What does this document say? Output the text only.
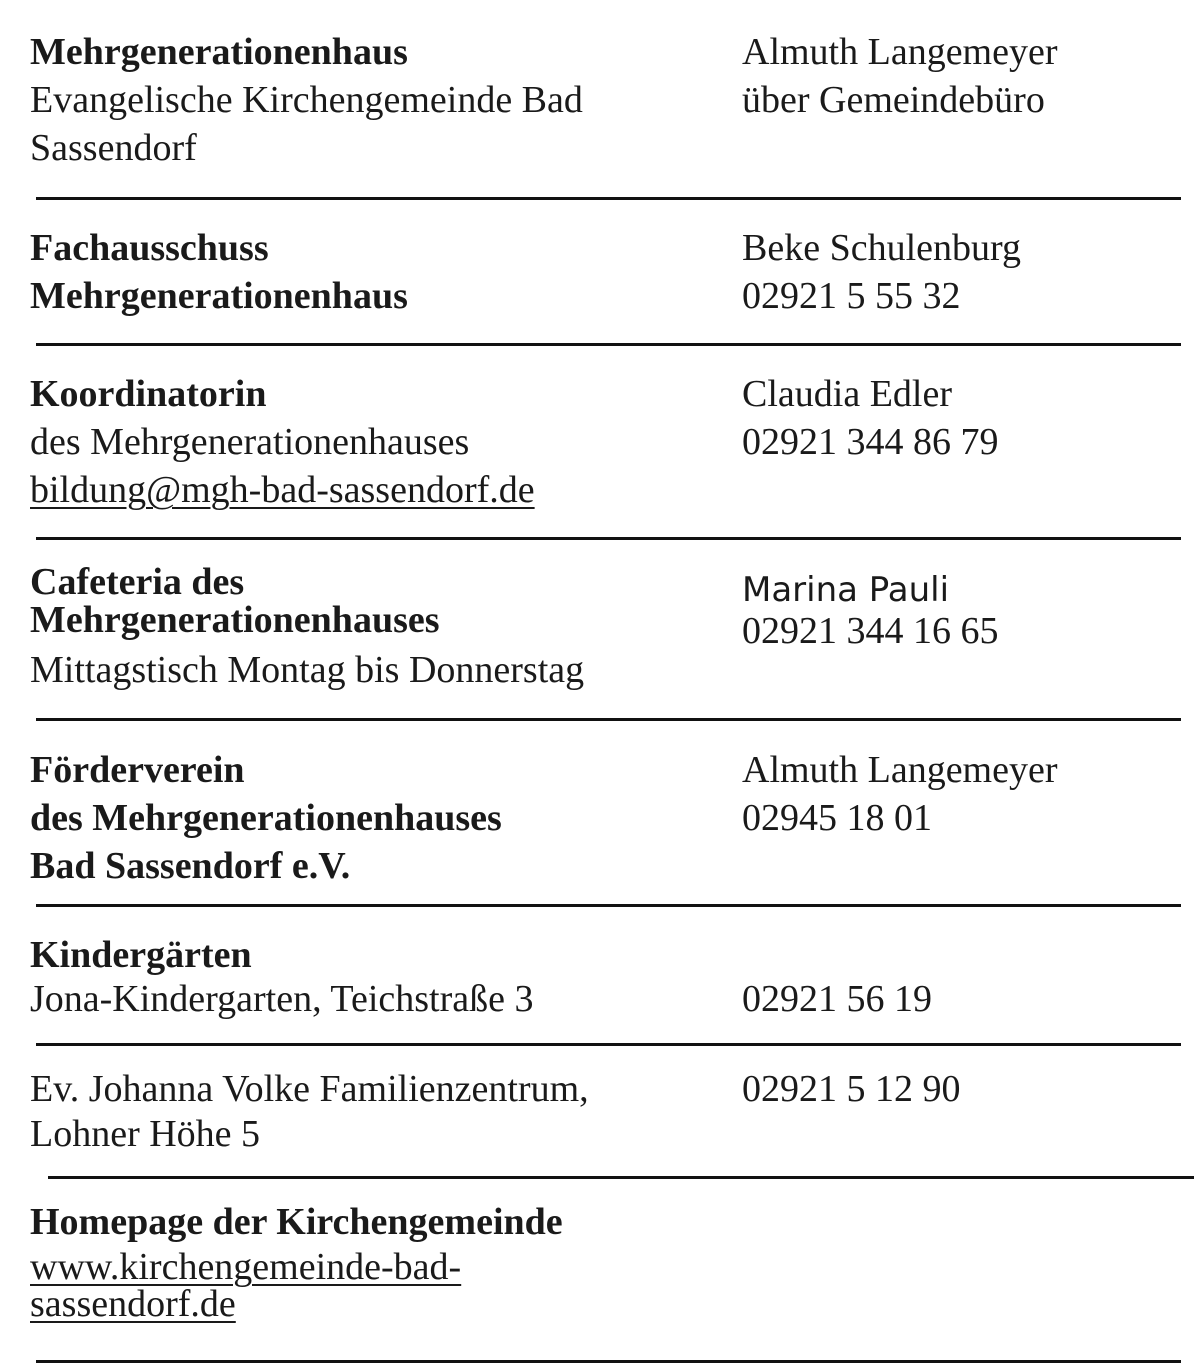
Mehrgenerationenhaus
Evangelische Kirchengemeinde Bad
Sassendorf
Almuth Langemeyer
über Gemeindebüro
Fachausschuss
Mehrgenerationenhaus
Beke Schulenburg
02921 5 55 32
Koordinatorin
des Mehrgenerationenhauses
bildung@mgh-bad-sassendorf.de
Claudia Edler
02921 344 86 79
Cafeteria des
Mehrgenerationenhauses
Mittagstisch Montag bis Donnerstag
Marina Pauli
02921 344 16 65
Förderverein
des Mehrgenerationenhauses
Bad Sassendorf e.V.
Almuth Langemeyer
02945 18 01
Kindergärten
Jona-Kindergarten, Teichstraße 3	02921 56 19
Ev. Johanna Volke Familienzentrum,
Lohner Höhe 5
02921 5 12 90
Homepage der Kirchengemeinde
www.kirchengemeinde-bad-
sassendorf.de
